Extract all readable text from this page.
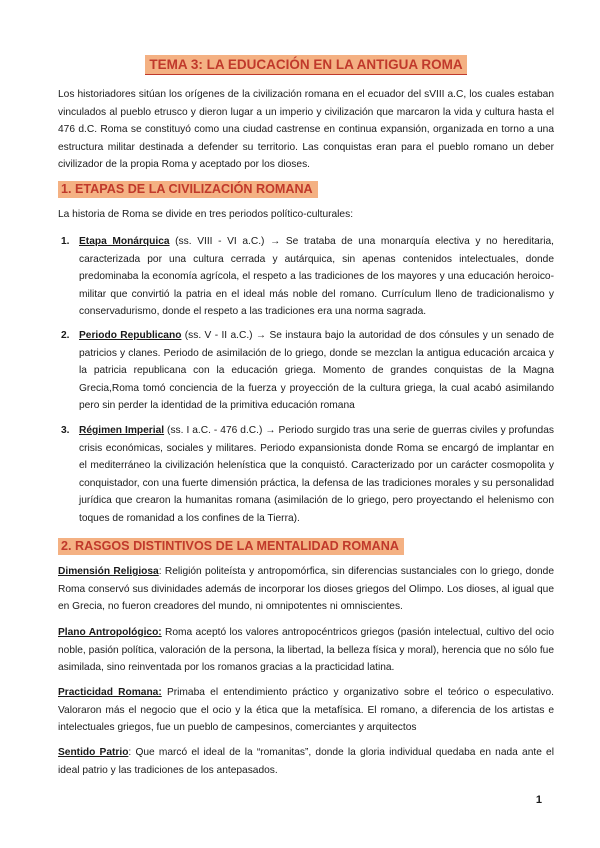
TEMA 3: LA EDUCACIÓN EN LA ANTIGUA ROMA
Los historiadores sitúan los orígenes de la civilización romana en el ecuador del sVIII a.C, los cuales estaban vinculados al pueblo etrusco y dieron lugar a un imperio y civilización que marcaron la vida y cultura hasta el 476 d.C. Roma se constituyó como una ciudad castrense en continua expansión, organizada en torno a una estructura militar destinada a defender su territorio. Las conquistas eran para el pueblo romano un deber civilizador de la propia Roma y aceptado por los dioses.
1. ETAPAS DE LA CIVILIZACIÓN ROMANA
La historia de Roma se divide en tres periodos político-culturales:
1. Etapa Monárquica (ss. VIII - VI a.C.) → Se trataba de una monarquía electiva y no hereditaria, caracterizada por una cultura cerrada y autárquica, sin apenas contenidos intelectuales, donde predominaba la economía agrícola, el respeto a las tradiciones de los mayores y una educación heroico-militar que convirtió la patria en el ideal más noble del romano. Currículum lleno de tradicionalismo y conservadurismo, donde el respeto a las tradiciones era una norma sagrada.
2. Periodo Republicano (ss. V - II a.C.) → Se instaura bajo la autoridad de dos cónsules y un senado de patricios y clanes. Periodo de asimilación de lo griego, donde se mezclan la antigua educación arcaica y la patricia republicana con la educación griega. Momento de grandes conquistas de la Magna Grecia,Roma tomó conciencia de la fuerza y proyección de la cultura griega, la cual acabó asimilando pero sin perder la identidad de la primitiva educación romana
3. Régimen Imperial (ss. I a.C. - 476 d.C.) → Periodo surgido tras una serie de guerras civiles y profundas crisis económicas, sociales y militares. Periodo expansionista donde Roma se encargó de implantar en el mediterráneo la civilización helenística que la conquistó. Caracterizado por un carácter cosmopolita y conquistador, con una fuerte dimensión práctica, la defensa de las tradiciones morales y su personalidad jurídica que crearon la humanitas romana (asimilación de lo griego, pero proyectando el helenismo con toques de romanidad a los confines de la Tierra).
2. RASGOS DISTINTIVOS DE LA MENTALIDAD ROMANA
Dimensión Religiosa: Religión politeísta y antropomórfica, sin diferencias sustanciales con lo griego, donde Roma conservó sus divinidades además de incorporar los dioses griegos del Olimpo. Los dioses, al igual que en Grecia, no fueron creadores del mundo, ni omnipotentes ni omniscientes.
Plano Antropológico: Roma aceptó los valores antropocéntricos griegos (pasión intelectual, cultivo del ocio noble, pasión política, valoración de la persona, la libertad, la belleza física y moral), herencia que no sólo fue asimilada, sino reinventada por los romanos gracias a la practicidad latina.
Practicidad Romana: Primaba el entendimiento práctico y organizativo sobre el teórico o especulativo. Valoraron más el negocio que el ocio y la ética que la metafísica. El romano, a diferencia de los artistas e intelectuales griegos, fue un pueblo de campesinos, comerciantes y arquitectos
Sentido Patrio: Que marcó el ideal de la “romanitas”, donde la gloria individual quedaba en nada ante el ideal patrio y las tradiciones de los antepasados.
1
